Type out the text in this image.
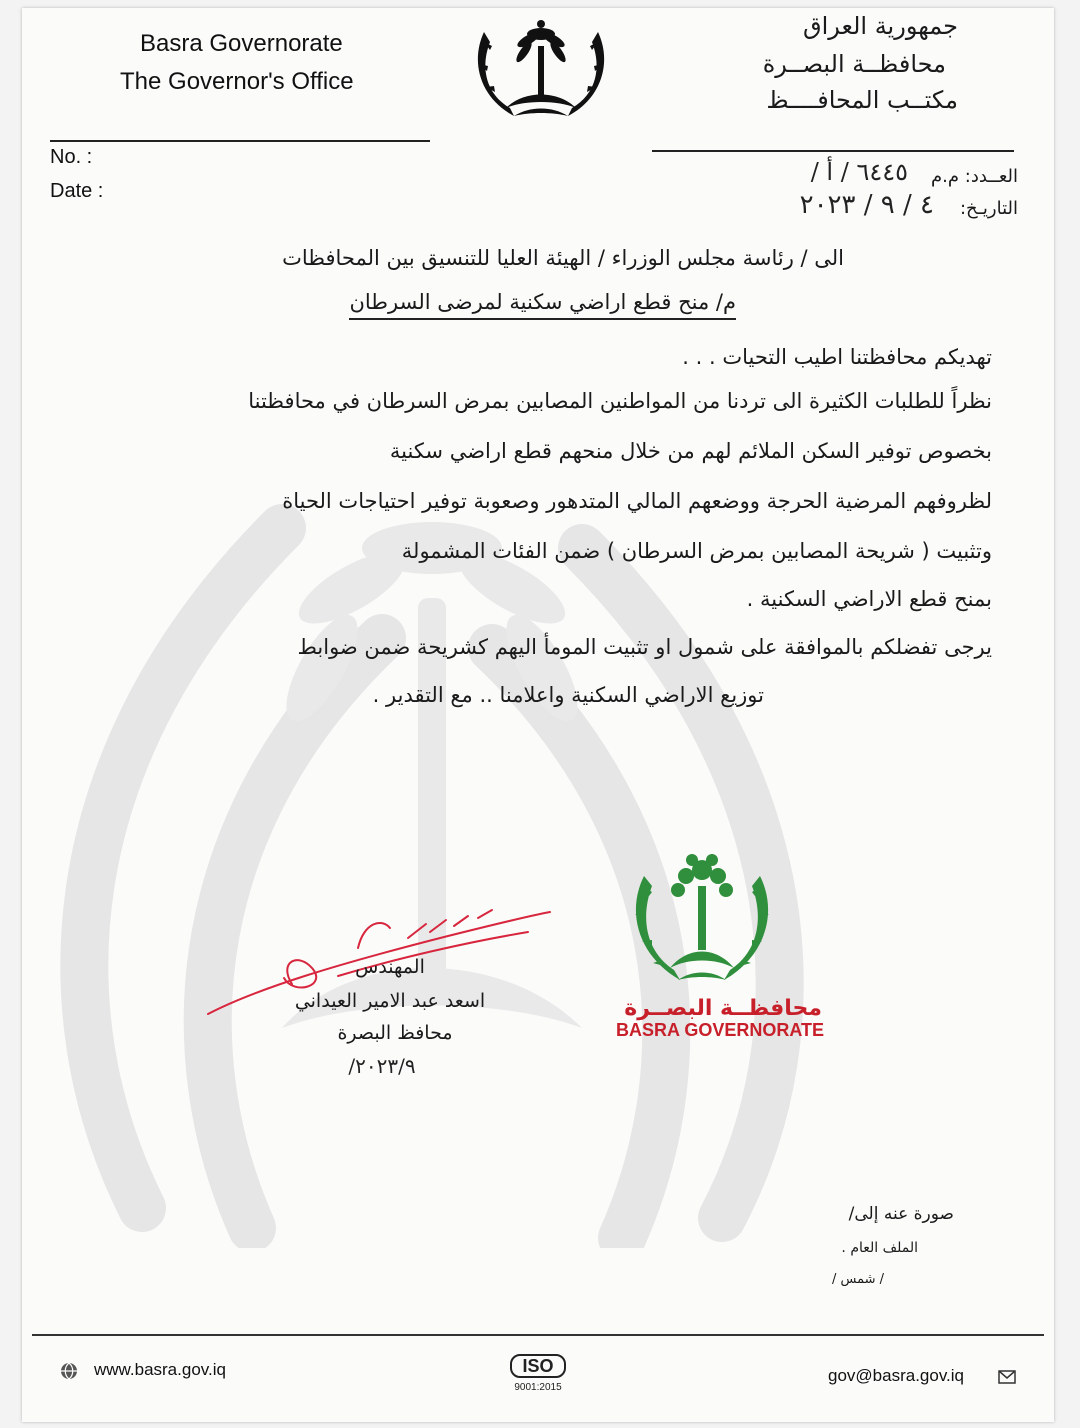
Basra Governorate
The Governor's Office
جمهورية العراق
محافظــة البصــرة
مكتــب المحافــــظ
No. :
Date :
العــدد: م.م
٦٤٤٥ / أ /
التاريـخ:
٤ / ٩ / ٢٠٢٣
الى / رئاسة مجلس الوزراء / الهيئة العليا للتنسيق بين المحافظات
م/ منح قطع اراضي سكنية لمرضى السرطان
تهديكم محافظتنا اطيب التحيات . . .
نظراً للطلبات الكثيرة الى تردنا من المواطنين المصابين بمرض السرطان في محافظتنا
بخصوص توفير السكن الملائم لهم من خلال منحهم قطع اراضي سكنية
لظروفهم المرضية الحرجة ووضعهم المالي المتدهور وصعوبة توفير احتياجات الحياة
وتثبيت ( شريحة المصابين بمرض السرطان ) ضمن الفئات المشمولة
بمنح قطع الاراضي السكنية .
يرجى تفضلكم بالموافقة على شمول او تثبيت المومأ اليهم كشريحة ضمن ضوابط
توزيع الاراضي السكنية واعلامنا .. مع التقدير .
محافظــة البصــرة
BASRA GOVERNORATE
المهندس
اسعد عبد الامير العيداني
محافظ البصرة
٢٠٢٣/٩/
صورة عنه إلى/
الملف العام .
/ شمس /
www.basra.gov.iq	ISO
9001:2015
gov@basra.gov.iq
